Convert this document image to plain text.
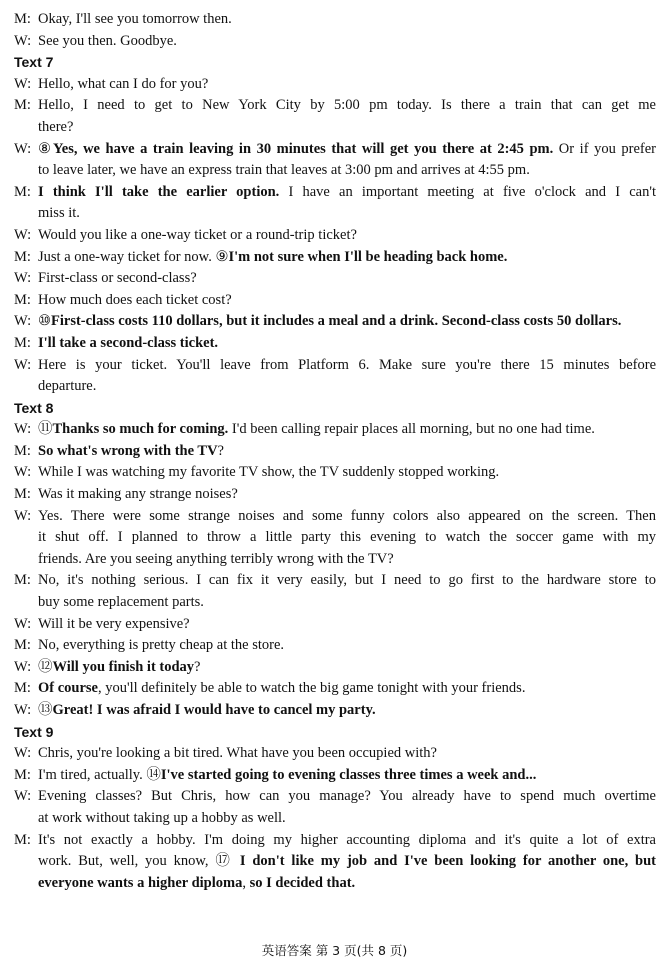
M: Okay, I'll see you tomorrow then.
W: See you then. Goodbye.
Text 7
W: Hello, what can I do for you?
M: Hello, I need to get to New York City by 5:00 pm today. Is there a train that can get me
there?
W: ⑧Yes, we have a train leaving in 30 minutes that will get you there at 2:45 pm. Or if you prefer
to leave later, we have an express train that leaves at 3:00 pm and arrives at 4:55 pm.
M: I think I'll take the earlier option. I have an important meeting at five o'clock and I can't
miss it.
W: Would you like a one-way ticket or a round-trip ticket?
M: Just a one-way ticket for now. ⑨I'm not sure when I'll be heading back home.
W: First-class or second-class?
M: How much does each ticket cost?
W: ⑩First-class costs 110 dollars, but it includes a meal and a drink. Second-class costs 50 dollars.
M: I'll take a second-class ticket.
W: Here is your ticket. You'll leave from Platform 6. Make sure you're there 15 minutes before
departure.
Text 8
W: ⑪Thanks so much for coming. I'd been calling repair places all morning, but no one had time.
M: So what's wrong with the TV?
W: While I was watching my favorite TV show, the TV suddenly stopped working.
M: Was it making any strange noises?
W: Yes. There were some strange noises and some funny colors also appeared on the screen. Then
it shut off. I planned to throw a little party this evening to watch the soccer game with my
friends. Are you seeing anything terribly wrong with the TV?
M: No, it's nothing serious. I can fix it very easily, but I need to go first to the hardware store to
buy some replacement parts.
W: Will it be very expensive?
M: No, everything is pretty cheap at the store.
W: ⑫Will you finish it today?
M: Of course, you'll definitely be able to watch the big game tonight with your friends.
W: ⑬Great! I was afraid I would have to cancel my party.
Text 9
W: Chris, you're looking a bit tired. What have you been occupied with?
M: I'm tired, actually. ⑭I've started going to evening classes three times a week and...
W: Evening classes? But Chris, how can you manage? You already have to spend much overtime
at work without taking up a hobby as well.
M: It's not exactly a hobby. I'm doing my higher accounting diploma and it's quite a lot of extra
work. But, well, you know, ⑰ I don't like my job and I've been looking for another one, but
everyone wants a higher diploma, so I decided that.
英语答案 第 3 页(共 8 页)
